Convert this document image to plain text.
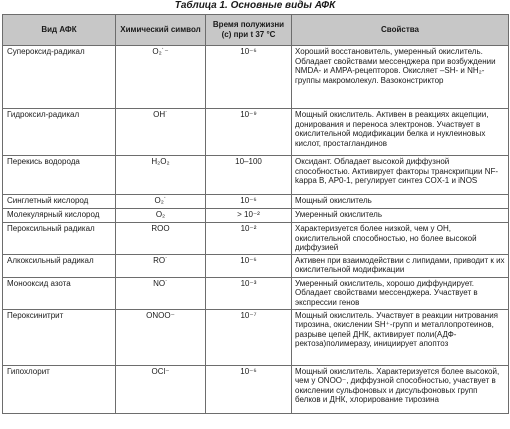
Таблица 1. Основные виды АФК
Вид АФК	Химический символ	Время полужизни (с) при t 37 °C	Свойства
Супероксид-радикал	O₂˙⁻	10⁻⁶	Хороший восстановитель, умеренный окислитель. Обладает свойствами мессенджера при возбуждении NMDA- и AMPA-рецепторов. Окисляет –SH- и NH₂-группы макромолекул. Вазоконстриктор
Гидроксил-радикал	OH˙	10⁻⁹	Мощный окислитель. Активен в реакциях акцепции, донирования и переноса электронов. Участвует в окислительной модификации белка и нуклеиновых кислот, простагландинов
Перекись водорода	H₂O₂	10–100	Оксидант. Обладает высокой диффузной способностью. Активирует факторы транскрипции NF-kappa B, AP0-1, регулирует синтез COX-1 и iNOS
Синглетный кислород	O₂˙	10⁻⁶	Мощный окислитель
Молекулярный кислород	O₂	> 10⁻²	Умеренный окислитель
Пероксильный радикал	ROO	10⁻²	Характеризуется более низкой, чем у OH, окислительной способностью, но более высокой диффузией
Алкоксильный радикал	RO˙	10⁻⁶	Активен при взаимодействии с липидами, приводит к их окислительной модификации
Монооксид азота	NO˙	10⁻³	Умеренный окислитель, хорошо диффундирует. Обладает свойствами мессенджера. Участвует в экспрессии генов
Пероксинитрит	ONOO⁻	10⁻⁷	Мощный окислитель. Участвует в реакции нитрования тирозина, окислении SH⁺-групп и металлопротеинов, разрыве цепей ДНК, активирует поли(АДФ-ректоза)полимеразу, инициирует апоптоз
Гипохлорит	OCl⁻	10⁻⁶	Мощный окислитель. Характеризуется более высокой, чем у ONOO⁻, диффузной способностью, участвует в окислении сульфоновых и дисульфоновых групп белков и ДНК, хлорирование тирозина
